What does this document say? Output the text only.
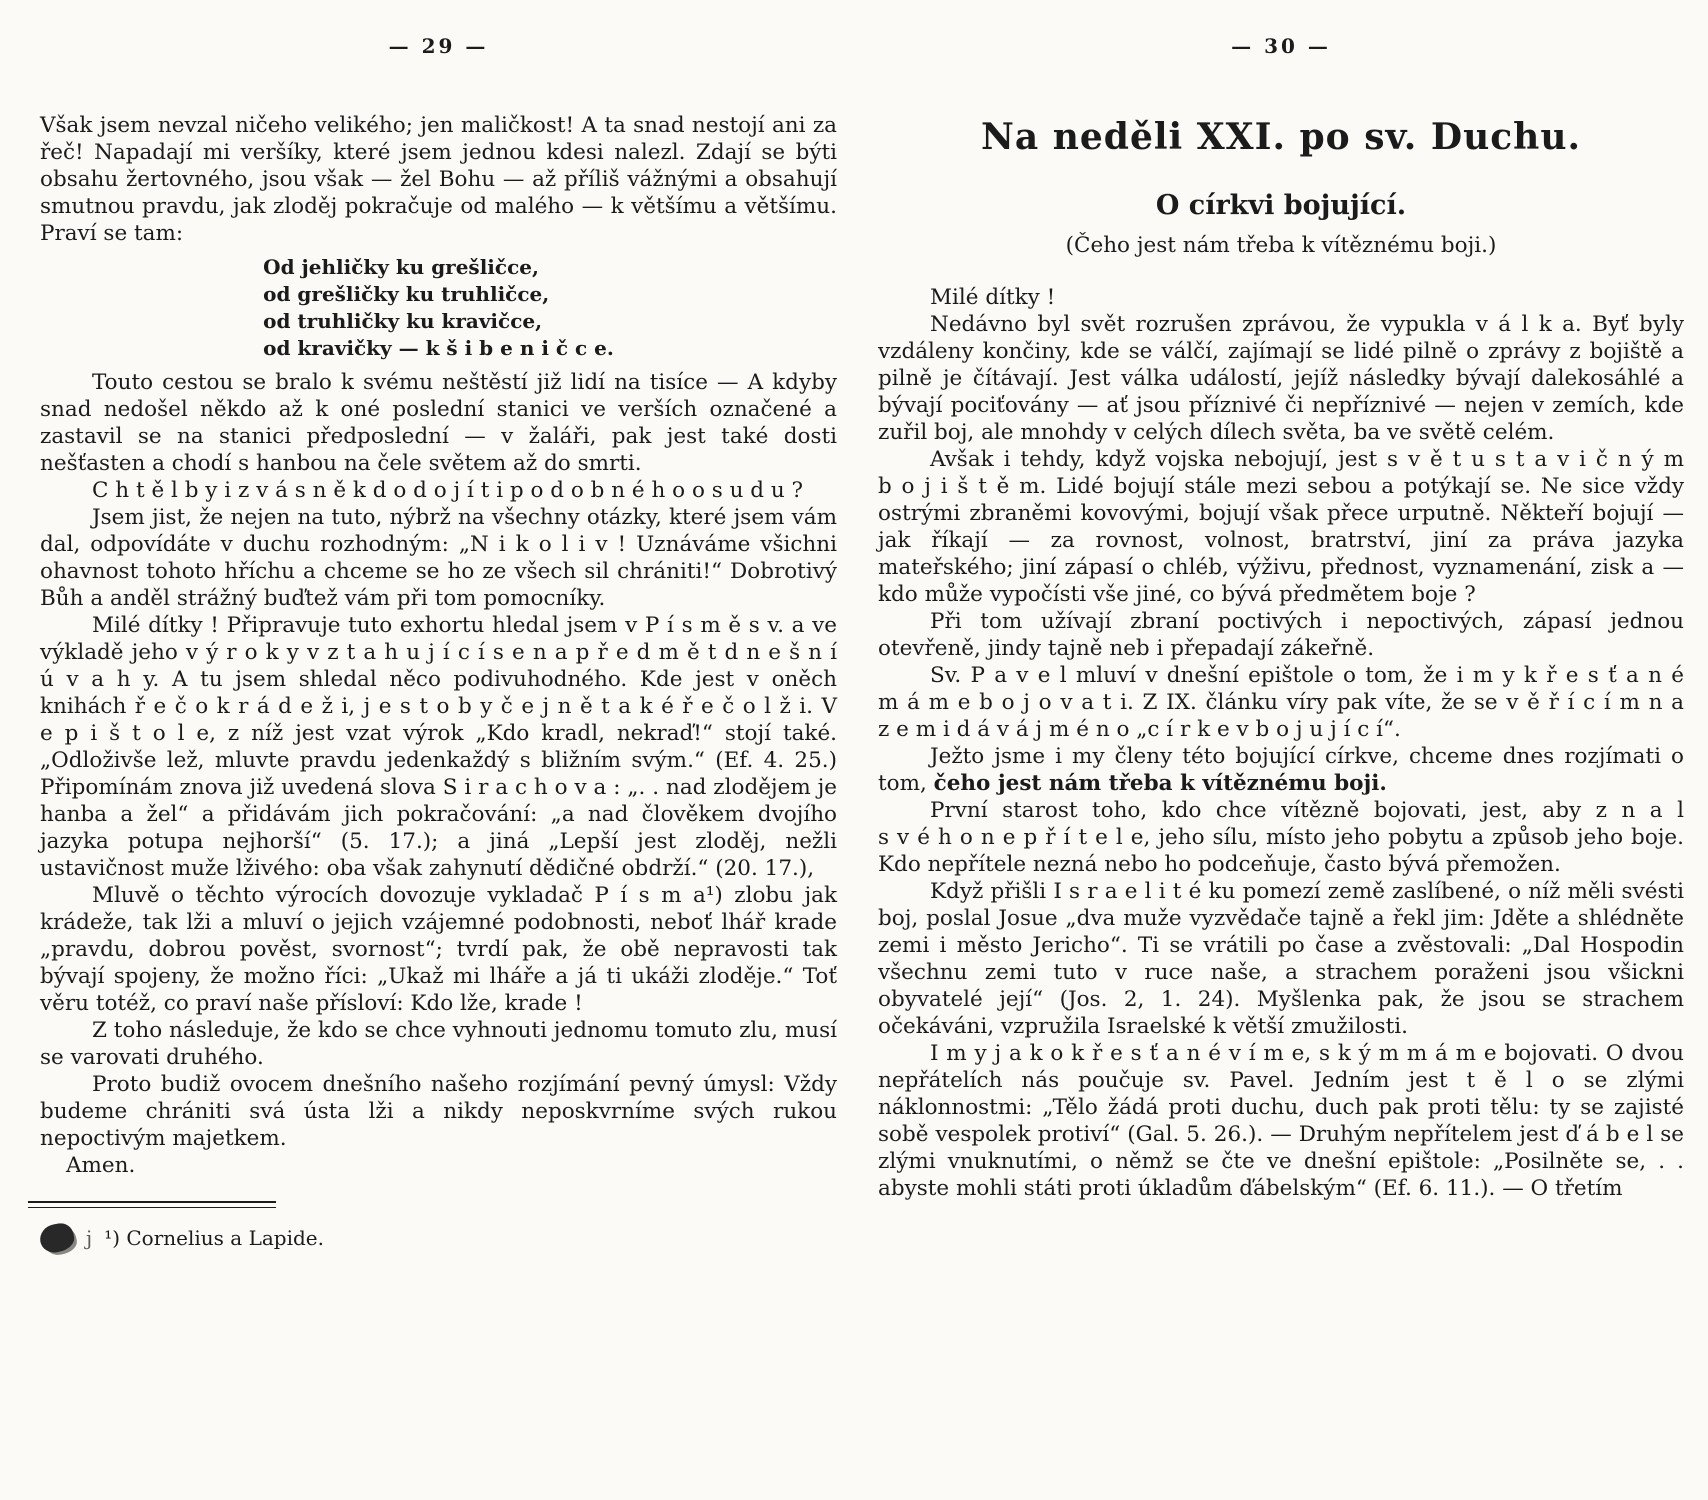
— 29 —

Však jsem nevzal ničeho velikého; jen maličkost! A ta snad nestojí ani za řeč! Napadají mi veršíky, které jsem jednou kdesi nalezl. Zdají se býti obsahu žertovného, jsou však — žel Bohu — až příliš vážnými a obsahují smutnou pravdu, jak zloděj pokračuje od malého — k většímu a většímu. Praví se tam:

Od jehličky ku grešličce,
od grešličky ku truhličce,
od truhličky ku kravičce,
od kravičky — k š i b e n i č c e.

Touto cestou se bralo k svému neštěstí již lidí na tisíce — A kdyby snad nedošel někdo až k oné poslední stanici ve verších označené a zastavil se na stanici předposlední — v žaláři, pak jest také dosti nešťasten a chodí s hanbou na čele světem až do smrti.

C h t ě l b y i z v á s n ě k d o d o j í t i p o d o b n é h o o s u d u ?

Jsem jist, že nejen na tuto, nýbrž na všechny otázky, které jsem vám dal, odpovídáte v duchu rozhodným: „N i k o l i v ! Uznáváme všichni ohavnost tohoto hříchu a chceme se ho ze všech sil chrániti!“ Dobrotivý Bůh a anděl strážný buďtež vám při tom pomocníky.

Milé dítky ! Připravuje tuto exhortu hledal jsem v P í s m ě s v. a ve výkladě jeho v ý r o k y v z t a h u j í c í s e n a p ř e d m ě t d n e š n í ú v a h y. A tu jsem shledal něco podivuhodného. Kde jest v oněch knihách ř e č o k r á d e ž i, j e s t o b y č e j n ě t a k é ř e č o l ž i. V e p i š t o l e, z níž jest vzat výrok „Kdo kradl, nekraď!“ stojí také. „Odloživše lež, mluvte pravdu jedenkaždý s bližním svým.“ (Ef. 4. 25.) Připomínám znova již uvedená slova S i r a c h o v a : „. . nad zlodějem je hanba a žel“ a přidávám jich pokračování: „a nad člověkem dvojího jazyka potupa nejhorší“ (5. 17.); a jiná „Lepší jest zloděj, nežli ustavičnost muže lživého: oba však zahynutí dědičné obdrží.“ (20. 17.),

Mluvě o těchto výrocích dovozuje vykladač P í s m a¹) zlobu jak krádeže, tak lži a mluví o jejich vzájemné podobnosti, neboť lhář krade „pravdu, dobrou pověst, svornost“; tvrdí pak, že obě nepravosti tak bývají spojeny, že možno říci: „Ukaž mi lháře a já ti ukáži zloděje.“ Toť věru totéž, co praví naše přísloví: Kdo lže, krade !

Z toho následuje, že kdo se chce vyhnouti jednomu tomuto zlu, musí se varovati druhého.

Proto budiž ovocem dnešního našeho rozjímání pevný úmysl: Vždy budeme chrániti svá ústa lži a nikdy neposkvrníme svých rukou nepoctivým majetkem.

Amen.

j ¹) Cornelius a Lapide.
— 30 —
Na neděli XXI. po sv. Duchu.
O církvi bojující.
(Čeho jest nám třeba k vítěznému boji.)

Milé dítky !

Nedávno byl svět rozrušen zprávou, že vypukla v á l k a. Byť byly vzdáleny končiny, kde se válčí, zajímají se lidé pilně o zprávy z bojiště a pilně je čítávají. Jest válka událostí, jejíž následky bývají dalekosáhlé a bývají pociťovány — ať jsou příznivé či nepříznivé — nejen v zemích, kde zuřil boj, ale mnohdy v celých dílech světa, ba ve světě celém.

Avšak i tehdy, když vojska nebojují, jest s v ě t u s t a v i č n ý m b o j i š t ě m. Lidé bojují stále mezi sebou a potýkají se. Ne sice vždy ostrými zbraněmi kovovými, bojují však přece urputně. Někteří bojují — jak říkají — za rovnost, volnost, bratrství, jiní za práva jazyka mateřského; jiní zápasí o chléb, výživu, přednost, vyznamenání, zisk a — kdo může vypočísti vše jiné, co bývá předmětem boje ?

Při tom užívají zbraní poctivých i nepoctivých, zápasí jednou otevřeně, jindy tajně neb i přepadají zákeřně.

Sv. P a v e l mluví v dnešní epištole o tom, že i m y k ř e s ť a n é m á m e b o j o v a t i. Z IX. článku víry pak víte, že se v ě ř í c í m n a z e m i d á v á j m é n o „c í r k e v b o j u j í c í“.

Ježto jsme i my členy této bojující církve, chceme dnes rozjímati o tom, čeho jest nám třeba k vítěznému boji.

První starost toho, kdo chce vítězně bojovati, jest, aby z n a l s v é h o n e p ř í t e l e, jeho sílu, místo jeho pobytu a způsob jeho boje. Kdo nepřítele nezná nebo ho podceňuje, často bývá přemožen.

Když přišli I s r a e l i t é ku pomezí země zaslíbené, o níž měli svésti boj, poslal Josue „dva muže vyzvědače tajně a řekl jim: Jděte a shlédněte zemi i město Jericho“. Ti se vrátili po čase a zvěstovali: „Dal Hospodin všechnu zemi tuto v ruce naše, a strachem poraženi jsou všickni obyvatelé její“ (Jos. 2, 1. 24). Myšlenka pak, že jsou se strachem očekáváni, vzpružila Israelské k větší zmužilosti.

I m y j a k o k ř e s ť a n é v í m e, s k ý m m á m e bojovati. O dvou nepřátelích nás poučuje sv. Pavel. Jedním jest t ě l o se zlými náklonnostmi: „Tělo žádá proti duchu, duch pak proti tělu: ty se zajisté sobě vespolek protiví“ (Gal. 5. 26.). — Druhým nepřítelem jest ď á b e l se zlými vnuknutími, o němž se čte ve dnešní epištole: „Posilněte se, . . abyste mohli státi proti úkladům ďábelským“ (Ef. 6. 11.). — O třetím
